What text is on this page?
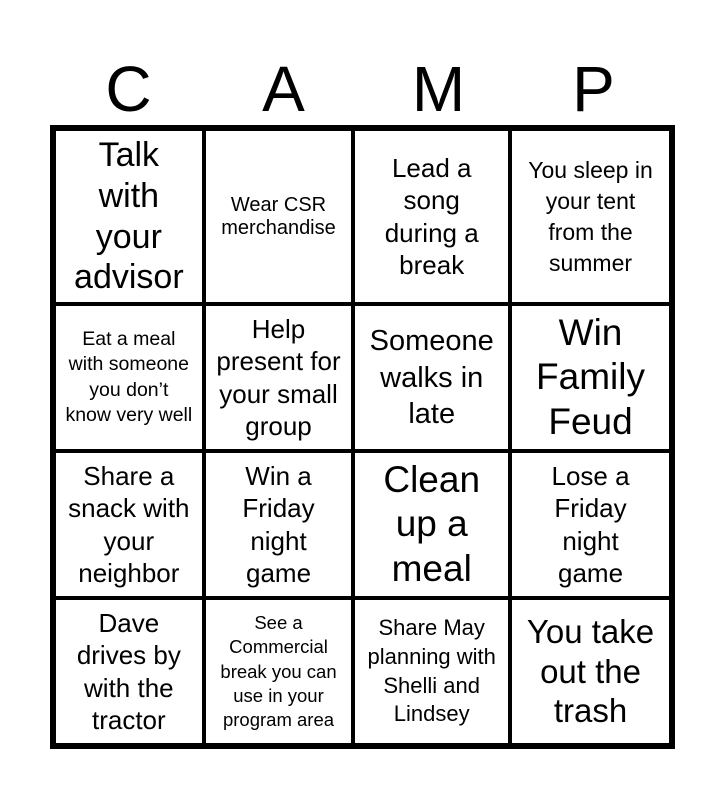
C	A	M	P
Talk with your advisor
Wear CSR merchandise
Lead a song during a break
You sleep in your tent from the summer
Eat a meal with someone you don’t know very well
Help present for your small group
Someone walks in late
Win Family Feud
Share a snack with your neighbor
Win a Friday night game
Clean up a meal
Lose a Friday night game
Dave drives by with the tractor
See a Commercial break you can use in your program area
Share May planning with Shelli and Lindsey
You take out the trash
